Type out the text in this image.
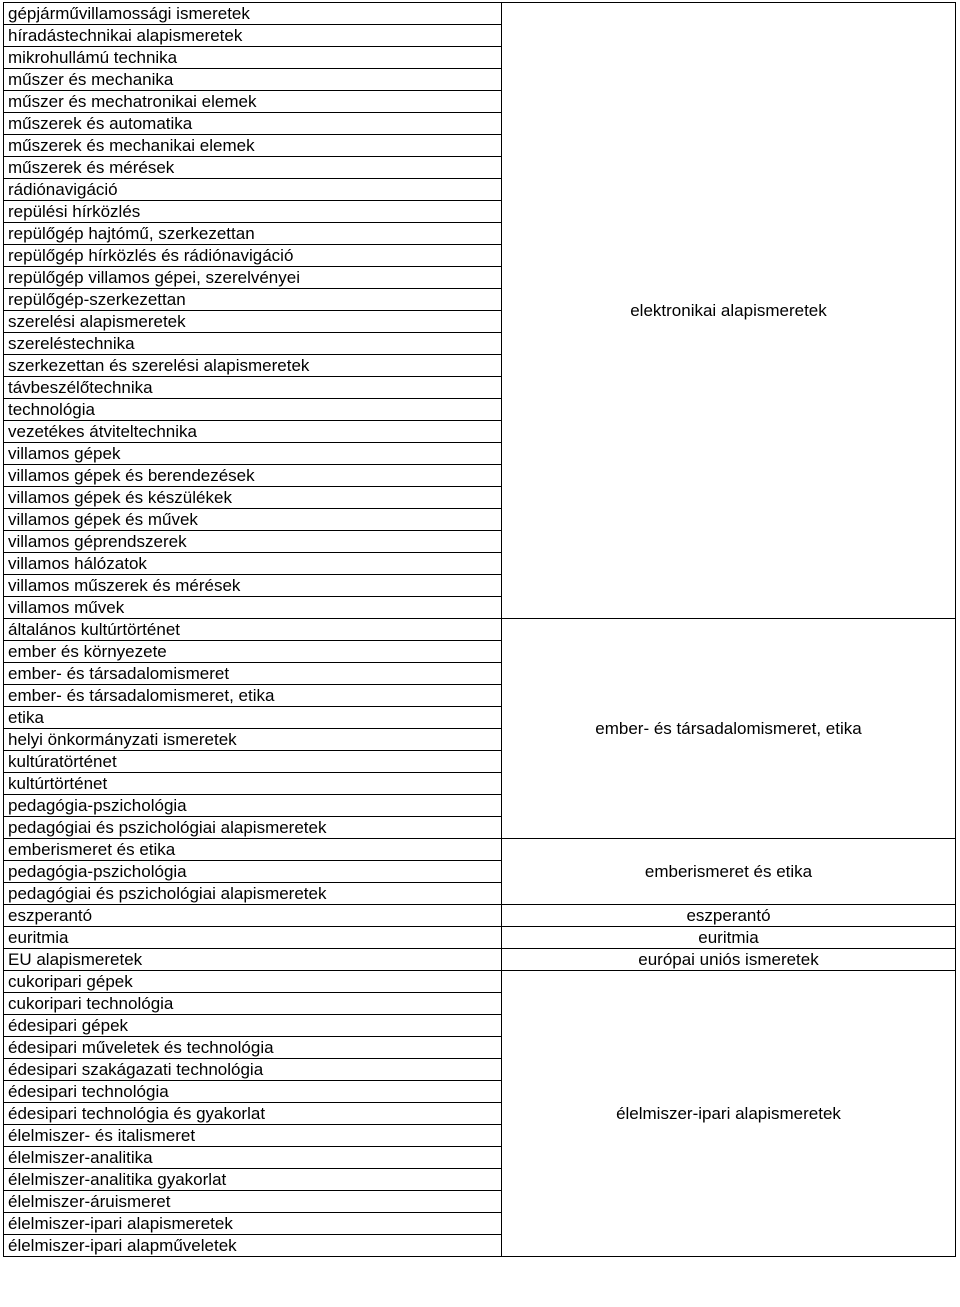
gépjárművillamossági ismeretek	elektronikai alapismeretek
híradástechnikai alapismeretek	
mikrohullámú technika	
műszer és mechanika	
műszer és mechatronikai elemek	
műszerek és automatika	
műszerek és mechanikai elemek	
műszerek és mérések	
rádiónavigáció	
repülési hírközlés	
repülőgép hajtómű, szerkezettan	
repülőgép hírközlés és rádiónavigáció	
repülőgép villamos gépei, szerelvényei	
repülőgép-szerkezettan	
szerelési alapismeretek	
szereléstechnika	
szerkezettan és szerelési alapismeretek	
távbeszélőtechnika	
technológia	
vezetékes átviteltechnika	
villamos gépek	
villamos gépek és berendezések	
villamos gépek és készülékek	
villamos gépek és művek	
villamos géprendszerek	
villamos hálózatok	
villamos műszerek és mérések	
villamos művek	
általános kultúrtörténet	ember- és társadalomismeret, etika
ember és környezete	
ember- és társadalomismeret	
ember- és társadalomismeret, etika	
etika	
helyi önkormányzati ismeretek	
kultúratörténet	
kultúrtörténet	
pedagógia-pszichológia	
pedagógiai és pszichológiai alapismeretek	
emberismeret és etika	emberismeret és etika
pedagógia-pszichológia	
pedagógiai és pszichológiai alapismeretek	
eszperantó	eszperantó
euritmia	euritmia
EU alapismeretek	európai uniós ismeretek
cukoripari gépek	élelmiszer-ipari alapismeretek
cukoripari technológia	
édesipari gépek	
édesipari műveletek és technológia	
édesipari szakágazati technológia	
édesipari technológia	
édesipari technológia és gyakorlat	
élelmiszer- és italismeret	
élelmiszer-analitika	
élelmiszer-analitika gyakorlat	
élelmiszer-áruismeret	
élelmiszer-ipari alapismeretek	
élelmiszer-ipari alapműveletek	
